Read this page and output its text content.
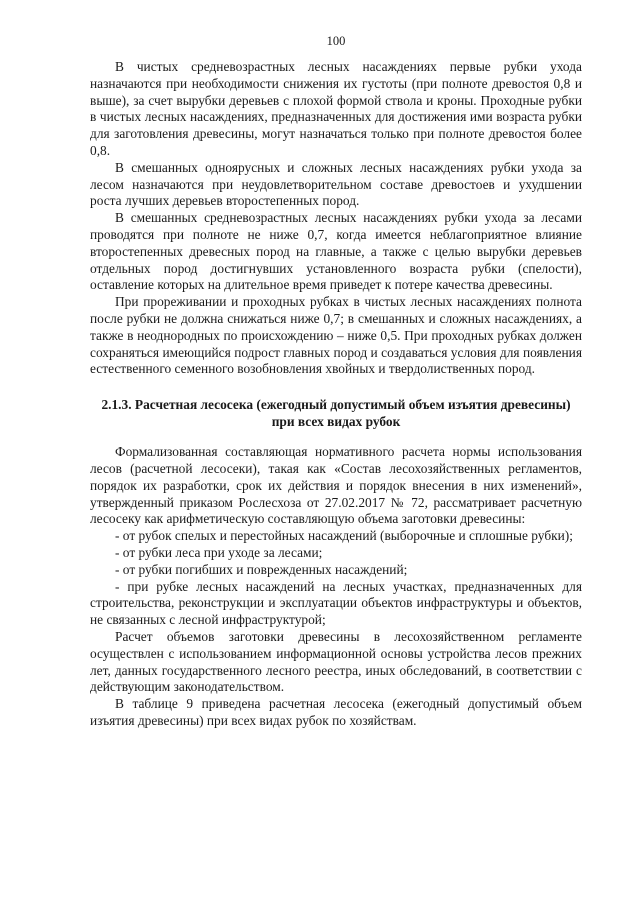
100

В чистых средневозрастных лесных насаждениях первые рубки ухода назначаются при необходимости снижения их густоты (при полноте древостоя 0,8 и выше), за счет вырубки деревьев с плохой формой ствола и кроны. Проходные рубки в чистых лесных насаждениях, предназначенных для достижения ими возраста рубки для заготовления древесины, могут назначаться только при полноте древостоя более 0,8.

В смешанных одноярусных и сложных лесных насаждениях рубки ухода за лесом назначаются при неудовлетворительном составе древостоев и ухудшении роста лучших деревьев второстепенных пород.

В смешанных средневозрастных лесных насаждениях рубки ухода за лесами проводятся при полноте не ниже 0,7, когда имеется неблагоприятное влияние второстепенных древесных пород на главные, а также с целью вырубки деревьев отдельных пород достигнувших установленного возраста рубки (спелости), оставление которых на длительное время приведет к потере качества древесины.

При прореживании и проходных рубках в чистых лесных насаждениях полнота после рубки не должна снижаться ниже 0,7; в смешанных и сложных насаждениях, а также в неоднородных по происхождению – ниже 0,5. При проходных рубках должен сохраняться имеющийся подрост главных пород и создаваться условия для появления естественного семенного возобновления хвойных и твердолиственных пород.

2.1.3. Расчетная лесосека (ежегодный допустимый объем изъятия древесины) при всех видах рубок

Формализованная составляющая нормативного расчета нормы использования лесов (расчетной лесосеки), такая как «Состав лесохозяйственных регламентов, порядок их разработки, срок их действия и порядок внесения в них изменений», утвержденный приказом Рослесхоза от 27.02.2017 № 72, рассматривает расчетную лесосеку как арифметическую составляющую объема заготовки древесины:

- от рубок спелых и перестойных насаждений (выборочные и сплошные рубки);

- от рубки леса при уходе за лесами;

- от рубки погибших и поврежденных насаждений;

- при рубке лесных насаждений на лесных участках, предназначенных для строительства, реконструкции и эксплуатации объектов инфраструктуры и объектов, не связанных с лесной инфраструктурой;

Расчет объемов заготовки древесины в лесохозяйственном регламенте осуществлен с использованием информационной основы устройства лесов прежних лет, данных государственного лесного реестра, иных обследований, в соответствии с действующим законодательством.

В таблице 9 приведена расчетная лесосека (ежегодный допустимый объем изъятия древесины) при всех видах рубок по хозяйствам.
